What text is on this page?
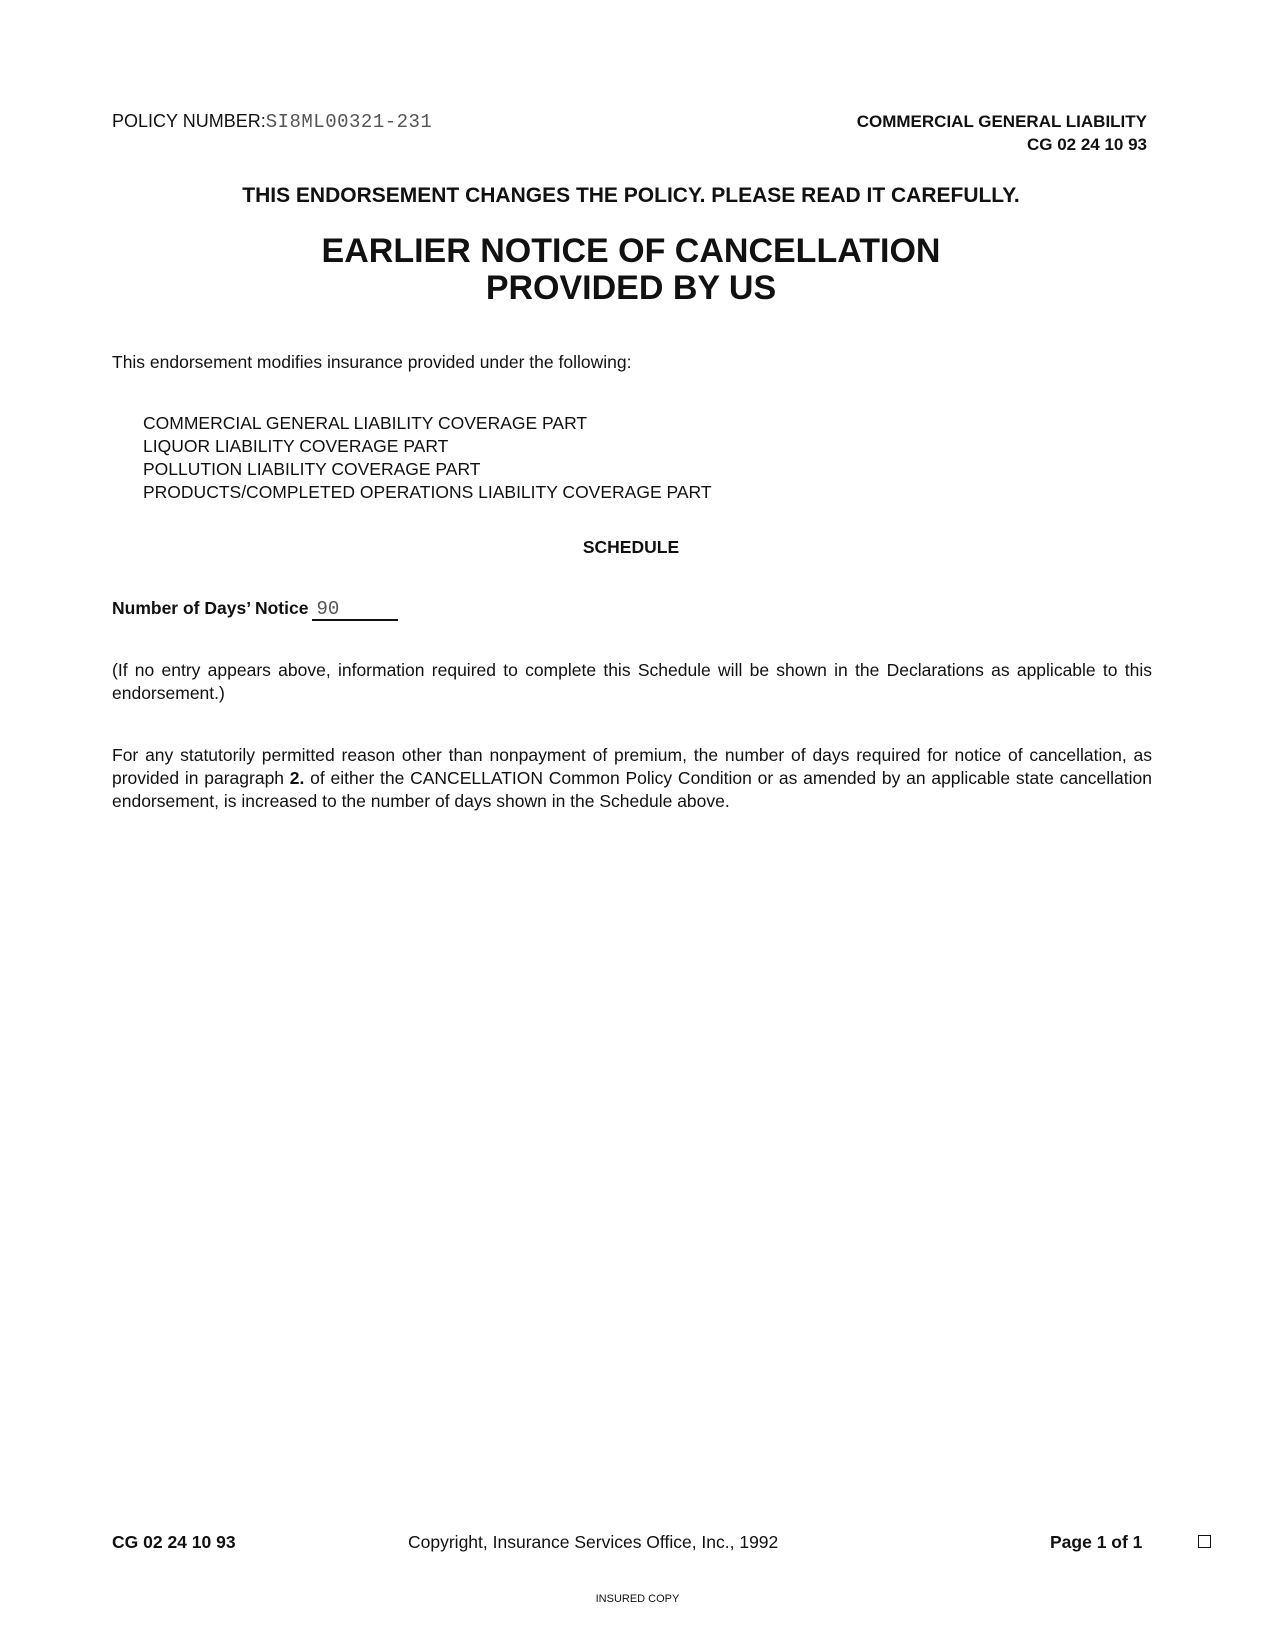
POLICY NUMBER:SI8ML00321-231	COMMERCIAL GENERAL LIABILITY
CG 02 24 10 93
THIS ENDORSEMENT CHANGES THE POLICY. PLEASE READ IT CAREFULLY.
EARLIER NOTICE OF CANCELLATION
PROVIDED BY US
This endorsement modifies insurance provided under the following:
COMMERCIAL GENERAL LIABILITY COVERAGE PART
LIQUOR LIABILITY COVERAGE PART
POLLUTION LIABILITY COVERAGE PART
PRODUCTS/COMPLETED OPERATIONS LIABILITY COVERAGE PART
SCHEDULE
Number of Days’ Notice 90

(If no entry appears above, information required to complete this Schedule will be shown in the Declarations as applicable to this endorsement.)

For any statutorily permitted reason other than nonpayment of premium, the number of days required for notice of cancellation, as provided in paragraph 2. of either the CANCELLATION Common Policy Condition or as amended by an applicable state cancellation endorsement, is increased to the number of days shown in the Schedule above.

CG 02 24 10 93	Copyright, Insurance Services Office, Inc., 1992	Page 1 of 1
INSURED COPY
